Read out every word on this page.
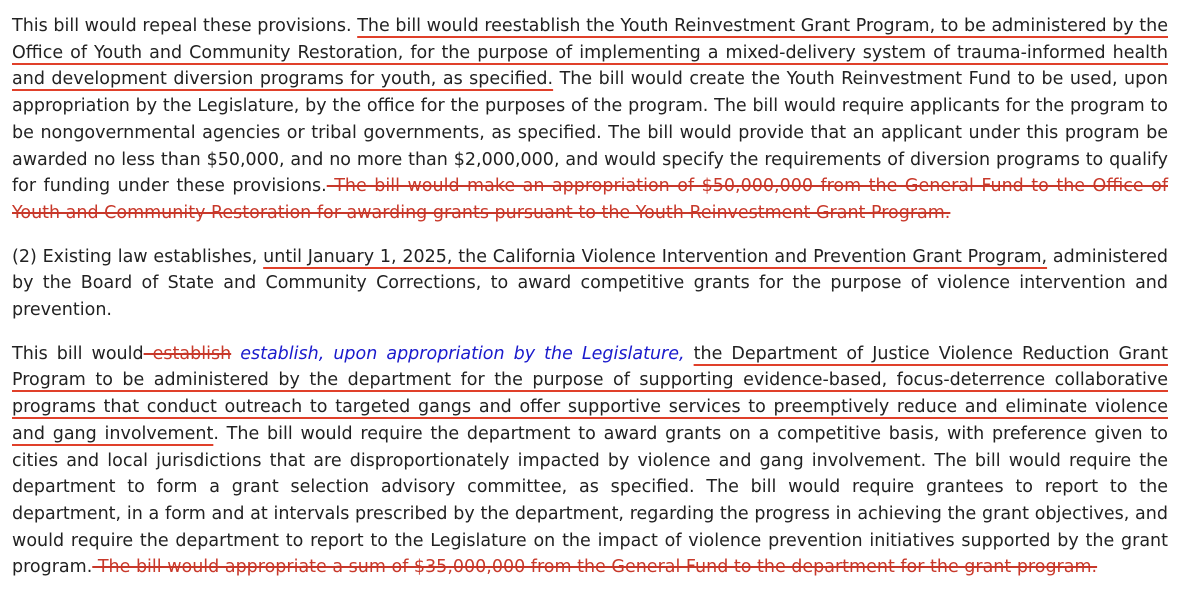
This bill would repeal these provisions. The bill would reestablish the Youth Reinvestment Grant Program, to be administered by the Office of Youth and Community Restoration, for the purpose of implementing a mixed-delivery system of trauma-informed health and development diversion programs for youth, as specified. The bill would create the Youth Reinvestment Fund to be used, upon appropriation by the Legislature, by the office for the purposes of the program. The bill would require applicants for the program to be nongovernmental agencies or tribal governments, as specified. The bill would provide that an applicant under this program be awarded no less than $50,000, and no more than $2,000,000, and would specify the requirements of diversion programs to qualify for funding under these provisions. The bill would make an appropriation of $50,000,000 from the General Fund to the Office of Youth and Community Restoration for awarding grants pursuant to the Youth Reinvestment Grant Program.

(2) Existing law establishes, until January 1, 2025, the California Violence Intervention and Prevention Grant Program, administered by the Board of State and Community Corrections, to award competitive grants for the purpose of violence intervention and prevention.

This bill would establish establish, upon appropriation by the Legislature, the Department of Justice Violence Reduction Grant Program to be administered by the department for the purpose of supporting evidence-based, focus-deterrence collaborative programs that conduct outreach to targeted gangs and offer supportive services to preemptively reduce and eliminate violence and gang involvement. The bill would require the department to award grants on a competitive basis, with preference given to cities and local jurisdictions that are disproportionately impacted by violence and gang involvement. The bill would require the department to form a grant selection advisory committee, as specified. The bill would require grantees to report to the department, in a form and at intervals prescribed by the department, regarding the progress in achieving the grant objectives, and would require the department to report to the Legislature on the impact of violence prevention initiatives supported by the grant program. The bill would appropriate a sum of $35,000,000 from the General Fund to the department for the grant program.
